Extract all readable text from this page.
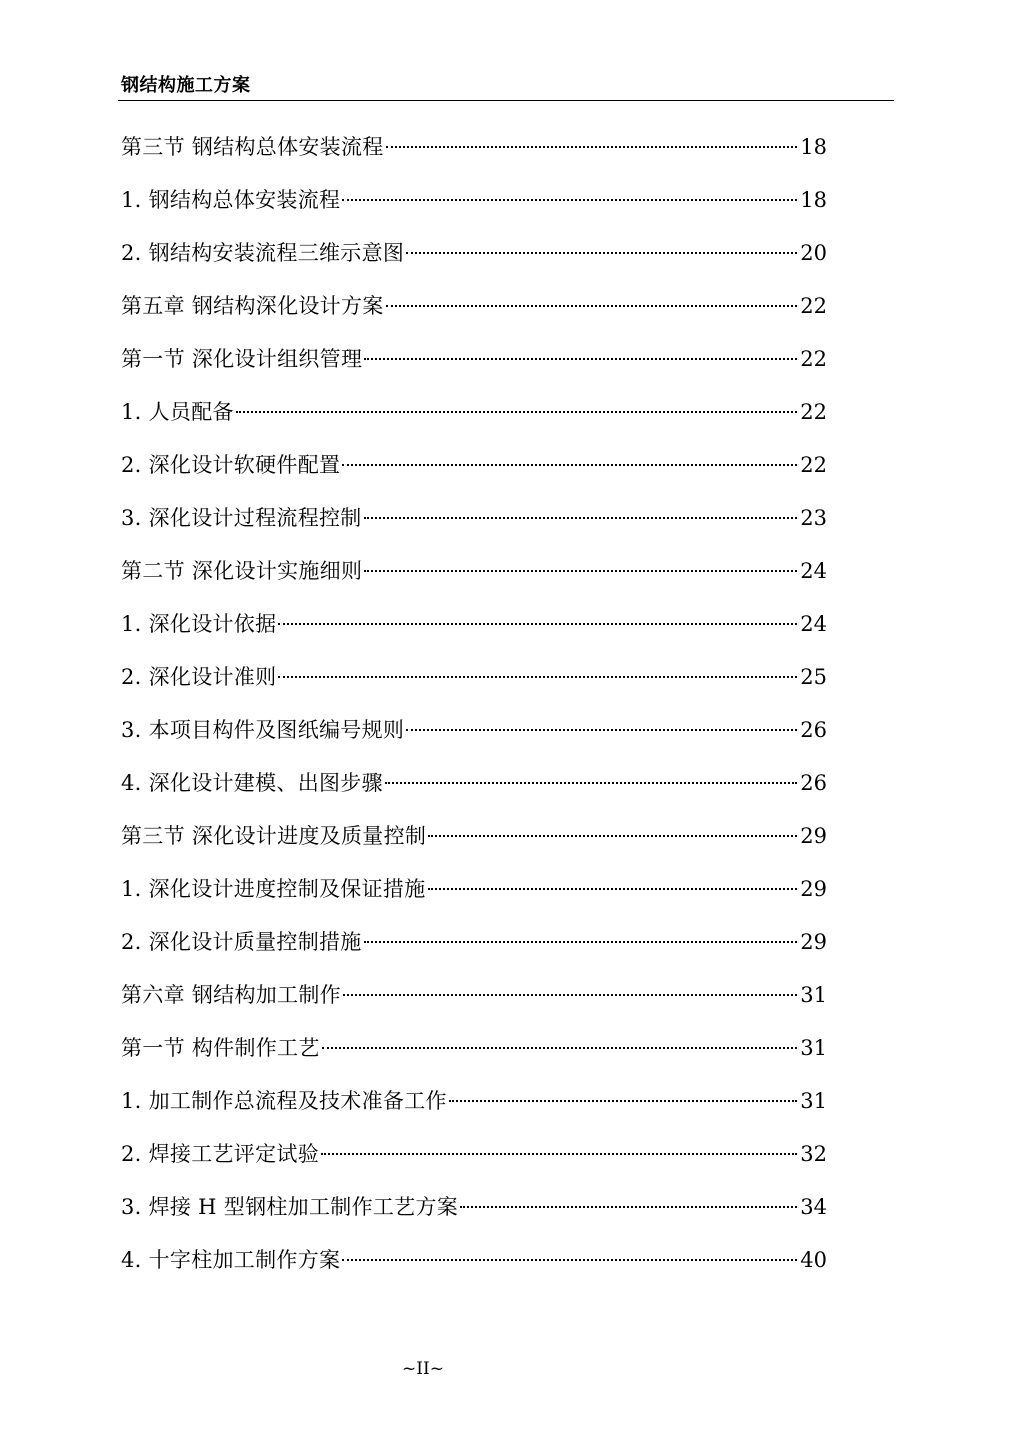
钢结构施工方案
第三节 钢结构总体安装流程	18
1. 钢结构总体安装流程	18
2. 钢结构安装流程三维示意图	20
第五章 钢结构深化设计方案	22
第一节 深化设计组织管理	22
1. 人员配备	22
2. 深化设计软硬件配置	22
3. 深化设计过程流程控制	23
第二节 深化设计实施细则	24
1. 深化设计依据	24
2. 深化设计准则	25
3. 本项目构件及图纸编号规则	26
4. 深化设计建模、出图步骤	26
第三节 深化设计进度及质量控制	29
1. 深化设计进度控制及保证措施	29
2. 深化设计质量控制措施	29
第六章 钢结构加工制作	31
第一节 构件制作工艺	31
1. 加工制作总流程及技术准备工作	31
2. 焊接工艺评定试验	32
3. 焊接 H 型钢柱加工制作工艺方案	34
4. 十字柱加工制作方案	40
~II~
